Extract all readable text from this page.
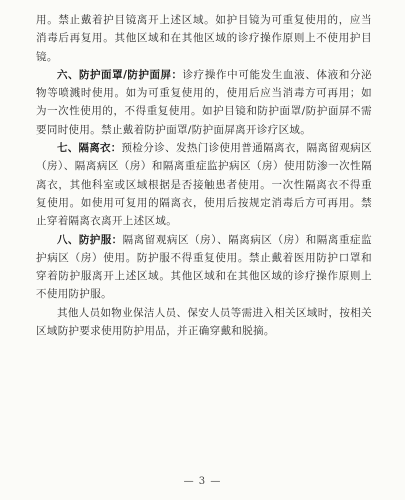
用。禁止戴着护目镜离开上述区域。如护目镜为可重复使用的，应当消毒后再复用。其他区域和在其他区域的诊疗操作原则上不使用护目镜。

六、防护面罩/防护面屏：诊疗操作中可能发生血液、体液和分泌物等喷溅时使用。如为可重复使用的，使用后应当消毒方可再用；如为一次性使用的，不得重复使用。如护目镜和防护面罩/防护面屏不需要同时使用。禁止戴着防护面罩/防护面屏离开诊疗区域。

七、隔离衣：预检分诊、发热门诊使用普通隔离衣，隔离留观病区（房）、隔离病区（房）和隔离重症监护病区（房）使用防渗一次性隔离衣，其他科室或区域根据是否接触患者使用。一次性隔离衣不得重复使用。如使用可复用的隔离衣，使用后按规定消毒后方可再用。禁止穿着隔离衣离开上述区域。

八、防护服：隔离留观病区（房）、隔离病区（房）和隔离重症监护病区（房）使用。防护服不得重复使用。禁止戴着医用防护口罩和穿着防护服离开上述区域。其他区域和在其他区域的诊疗操作原则上不使用防护服。

其他人员如物业保洁人员、保安人员等需进入相关区域时，按相关区域防护要求使用防护用品，并正确穿戴和脱摘。

— 3 —
